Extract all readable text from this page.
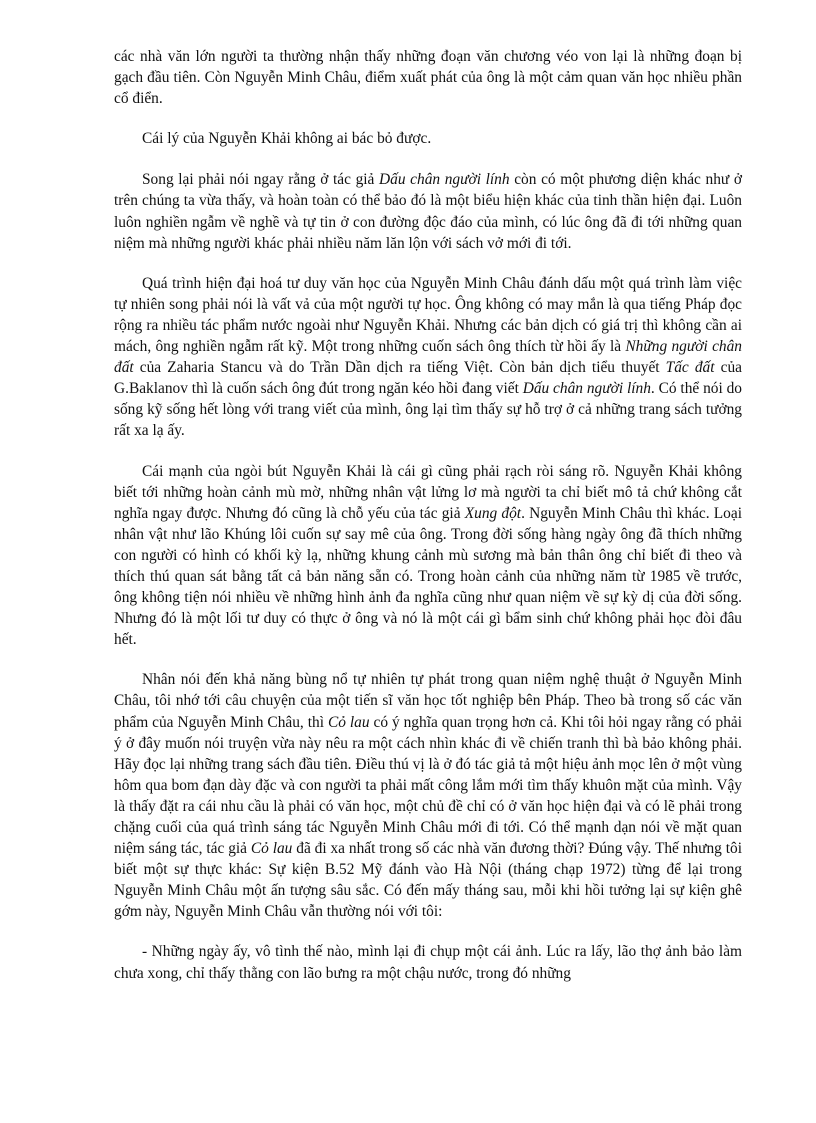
các nhà văn lớn người ta thường nhận thấy những đoạn văn chương véo von lại là những đoạn bị gạch đầu tiên. Còn Nguyễn Minh Châu, điểm xuất phát của ông là một cảm quan văn học nhiều phần cổ điển.

Cái lý của Nguyễn Khải không ai bác bỏ được.

Song lại phải nói ngay rằng ở tác giả Dấu chân người lính còn có một phương diện khác như ở trên chúng ta vừa thấy, và hoàn toàn có thể bảo đó là một biểu hiện khác của tinh thần hiện đại. Luôn luôn nghiền ngẫm về nghề và tự tin ở con đường độc đáo của mình, có lúc ông đã đi tới những quan niệm mà những người khác phải nhiều năm lăn lộn với sách vở mới đi tới.

Quá trình hiện đại hoá tư duy văn học của Nguyễn Minh Châu đánh dấu một quá trình làm việc tự nhiên song phải nói là vất vả của một người tự học. Ông không có may mắn là qua tiếng Pháp đọc rộng ra nhiều tác phẩm nước ngoài như Nguyễn Khải. Nhưng các bản dịch có giá trị thì không cần ai mách, ông nghiền ngẫm rất kỹ. Một trong những cuốn sách ông thích từ hồi ấy là Những người chân đất của Zaharia Stancu và do Trần Dần dịch ra tiếng Việt. Còn bản dịch tiểu thuyết Tấc đất của G.Baklanov thì là cuốn sách ông đút trong ngăn kéo hồi đang viết Dấu chân người lính. Có thể nói do sống kỹ sống hết lòng với trang viết của mình, ông lại tìm thấy sự hỗ trợ ở cả những trang sách tưởng rất xa lạ ấy.

Cái mạnh của ngòi bút Nguyễn Khải là cái gì cũng phải rạch ròi sáng rõ. Nguyễn Khải không biết tới những hoàn cảnh mù mờ, những nhân vật lửng lơ mà người ta chỉ biết mô tả chứ không cắt nghĩa ngay được. Nhưng đó cũng là chỗ yếu của tác giả Xung đột. Nguyễn Minh Châu thì khác. Loại nhân vật như lão Khúng lôi cuốn sự say mê của ông. Trong đời sống hàng ngày ông đã thích những con người có hình có khối kỳ lạ, những khung cảnh mù sương mà bản thân ông chỉ biết đi theo và thích thú quan sát bằng tất cả bản năng sẵn có. Trong hoàn cảnh của những năm từ 1985 về trước, ông không tiện nói nhiều về những hình ảnh đa nghĩa cũng như quan niệm về sự kỳ dị của đời sống. Nhưng đó là một lối tư duy có thực ở ông và nó là một cái gì bẩm sinh chứ không phải học đòi đâu hết.

Nhân nói đến khả năng bùng nổ tự nhiên tự phát trong quan niệm nghệ thuật ở Nguyễn Minh Châu, tôi nhớ tới câu chuyện của một tiến sĩ văn học tốt nghiệp bên Pháp. Theo bà trong số các văn phẩm của Nguyễn Minh Châu, thì Cỏ lau có ý nghĩa quan trọng hơn cả. Khi tôi hỏi ngay rằng có phải ý ở đây muốn nói truyện vừa này nêu ra một cách nhìn khác đi về chiến tranh thì bà bảo không phải. Hãy đọc lại những trang sách đầu tiên. Điều thú vị là ở đó tác giả tả một hiệu ảnh mọc lên ở một vùng hôm qua bom đạn dày đặc và con người ta phải mất công lắm mới tìm thấy khuôn mặt của mình. Vậy là thấy đặt ra cái nhu cầu là phải có văn học, một chủ đề chỉ có ở văn học hiện đại và có lẽ phải trong chặng cuối của quá trình sáng tác Nguyễn Minh Châu mới đi tới. Có thể mạnh dạn nói về mặt quan niệm sáng tác, tác giả Cỏ lau đã đi xa nhất trong số các nhà văn đương thời? Đúng vậy. Thế nhưng tôi biết một sự thực khác: Sự kiện B.52 Mỹ đánh vào Hà Nội (tháng chạp 1972) từng để lại trong Nguyễn Minh Châu một ấn tượng sâu sắc. Có đến mấy tháng sau, mỗi khi hồi tưởng lại sự kiện ghê gớm này, Nguyễn Minh Châu vẫn thường nói với tôi:

- Những ngày ấy, vô tình thế nào, mình lại đi chụp một cái ảnh. Lúc ra lấy, lão thợ ảnh bảo làm chưa xong, chỉ thấy thằng con lão bưng ra một chậu nước, trong đó những
